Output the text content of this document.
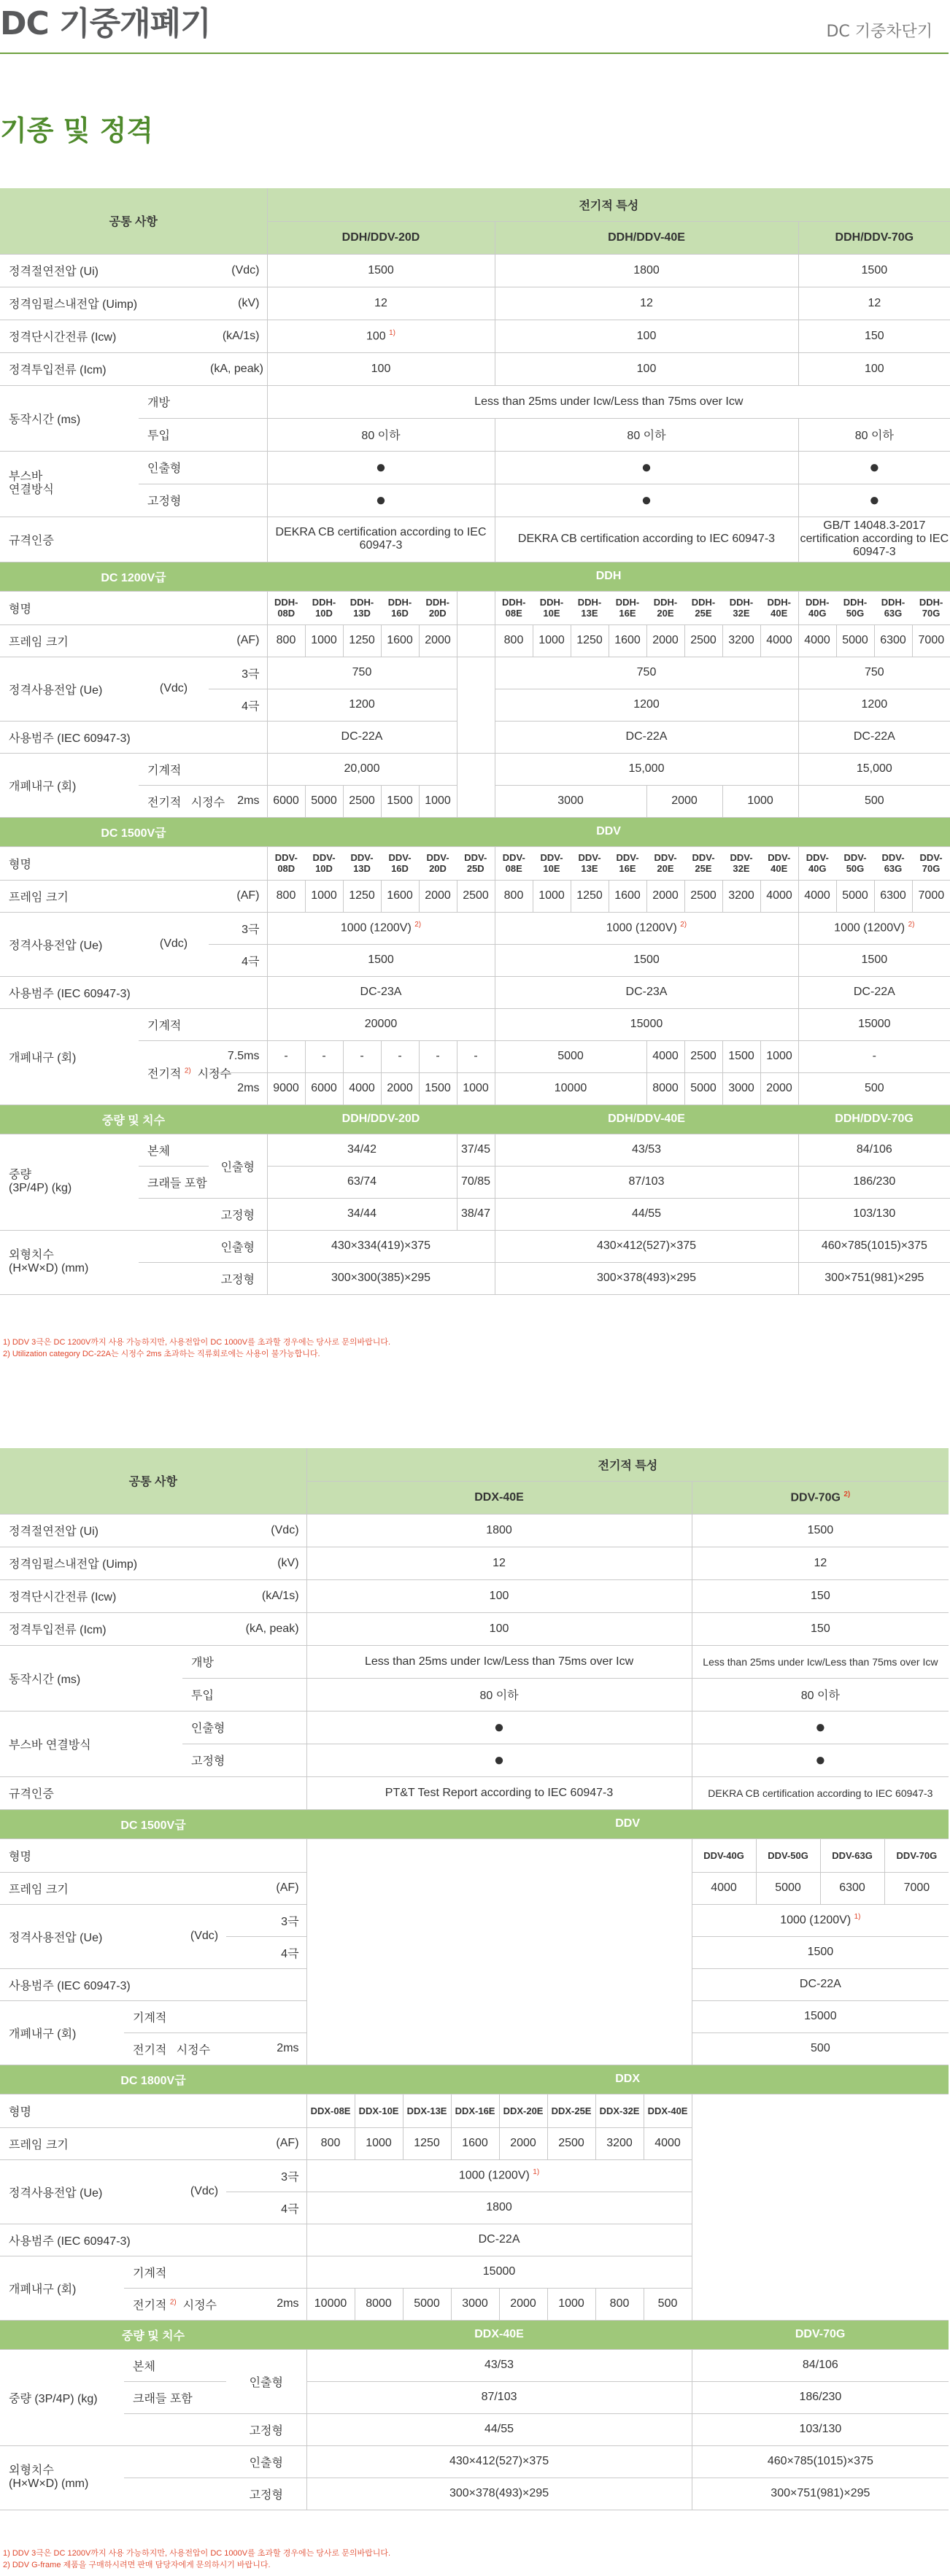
DC 기중개폐기	DC 기중차단기
기종 및 정격
공통 사항			전기적 특성																	
			DDH/DDV-20D						DDH/DDV-40E								DDH/DDV-70G			
정격절연전압 (Ui)		(Vdc)	1500						1800								1500			
정격임펄스내전압 (Uimp)		(kV)	12						12								12			
정격단시간전류 (Icw)		(kA/1s)	100 $^{1)}$						100								150			
정격투입전류 (Icm)		(kA, peak)	100						100								100			
동작시간 (ms)	개방		Less than 25ms under Icw/Less than 75ms over Icw																	
	투입		80 이하						80 이하								80 이하			
부스바
연결방식	인출형		●						●								●			
	고정형		●						●								●			
규격인증			DEKRA CB certification according to IEC 60947-3						DEKRA CB certification according to IEC 60947-3								GB/T 14048.3-2017 certification according to IEC 60947-3			
DC 1200V급			DDH																	
형명			DDH-08D	DDH-10D	DDH-13D	DDH-16D	DDH-20D		DDH-08E	DDH-10E	DDH-13E	DDH-16E	DDH-20E	DDH-25E	DDH-32E	DDH-40E	DDH-40G	DDH-50G	DDH-63G	DDH-70G
프레임 크기		(AF)	800	1000	1250	1600	2000		800	1000	1250	1600	2000	2500	3200	4000	4000	5000	6300	7000
정격사용전압 (Ue)	(Vdc)	3극	750						750								750			
		4극	1200						1200								1200			
사용범주 (IEC 60947-3)			DC-22A						DC-22A								DC-22A			
개폐내구 (회)	기계적		20,000						15,000								15,000			
	전기적 시정수	2ms	6000	5000	2500	1500	1000		3000				2000		1000		500			
DC 1500V급			DDV																	
형명			DDV-08D	DDV-10D	DDV-13D	DDV-16D	DDV-20D	DDV-25D	DDV-08E	DDV-10E	DDV-13E	DDV-16E	DDV-20E	DDV-25E	DDV-32E	DDV-40E	DDV-40G	DDV-50G	DDV-63G	DDV-70G
프레임 크기		(AF)	800	1000	1250	1600	2000	2500	800	1000	1250	1600	2000	2500	3200	4000	4000	5000	6300	7000
정격사용전압 (Ue)	(Vdc)	3극	1000 (1200V) $^{2)}$						1000 (1200V) $^{2)}$								1000 (1200V) $^{2)}$
		4극	1500						1500								1500			
사용범주 (IEC 60947-3)			DC-23A						DC-23A								DC-22A			
개폐내구 (회)	기계적		20000						15000								15000			
	전기적 $^{2)}$ 시정수	7.5ms	-	-	-	-	-	-	5000				4000	2500	1500	1000	-			
		2ms	9000	6000	4000	2000	1500	1000	10000				8000	5000	3000	2000	500			
중량 및 치수			DDH/DDV-20D						DDH/DDV-40E								DDH/DDV-70G			
중량
(3P/4P) (kg)	본체	인출형	34/42					37/45	43/53								84/106			
	크래들 포함		63/74					70/85	87/103								186/230			
		고정형	34/44					38/47	44/55								103/130			
외형치수
(H×W×D) (mm)		인출형	430×334(419)×375						430×412(527)×375								460×785(1015)×375			
		고정형	300×300(385)×295						300×378(493)×295								300×751(981)×295			
1) DDV 3극은 DC 1200V까지 사용 가능하지만, 사용전압이 DC 1000V를 초과할 경우에는 당사로 문의바랍니다.
2) Utilization category DC-22A는 시정수 2ms 초과하는 직류회로에는 사용이 불가능합니다.
공통 사항				전기적 특성											
				DDX-40E								DDV-70G $^{2)}$
정격절연전압 (Ui)			(Vdc)	1800								1500			
정격임펄스내전압 (Uimp)			(kV)	12								12			
정격단시간전류 (Icw)			(kA/1s)	100								150			
정격투입전류 (Icm)			(kA, peak)	100								150			
동작시간 (ms)		개방		Less than 25ms under Icw/Less than 75ms over Icw								Less than 25ms under Icw/Less than 75ms over Icw			
		투입		80 이하								80 이하			
부스바 연결방식		인출형		●								●			
		고정형		●								●			
규격인증				PT&T Test Report according to IEC 60947-3								DEKRA CB certification according to IEC 60947-3			
DC 1500V급				DDV											
형명												DDV-40G	DDV-50G	DDV-63G	DDV-70G
프레임 크기			(AF)									4000	5000	6300	7000
정격사용전압 (Ue)		(Vdc)	3극									1000 (1200V) $^{1)}$
			4극									1500			
사용범주 (IEC 60947-3)												DC-22A			
개폐내구 (회)	기계적											15000			
	전기적 시정수		2ms									500			
DC 1800V급				DDX											
형명				DDX-08E	DDX-10E	DDX-13E	DDX-16E	DDX-20E	DDX-25E	DDX-32E	DDX-40E				
프레임 크기			(AF)	800	1000	1250	1600	2000	2500	3200	4000				
정격사용전압 (Ue)		(Vdc)	3극	1000 (1200V) $^{1)}$
			4극	1800											
사용범주 (IEC 60947-3)				DC-22A											
개폐내구 (회)	기계적			15000											
	전기적 $^{2)}$ 시정수		2ms	10000	8000	5000	3000	2000	1000	800	500				
중량 및 치수				DDX-40E								DDV-70G			
중량 (3P/4P) (kg)	본체		인출형	43/53								84/106			
	크래들 포함			87/103								186/230			
			고정형	44/55								103/130			
외형치수
(H×W×D) (mm)			인출형	430×412(527)×375								460×785(1015)×375			
			고정형	300×378(493)×295								300×751(981)×295			
1) DDV 3극은 DC 1200V까지 사용 가능하지만, 사용전압이 DC 1000V를 초과할 경우에는 당사로 문의바랍니다.
2) DDV G-frame 제품을 구매하시려면 판매 담당자에게 문의하시기 바랍니다.
